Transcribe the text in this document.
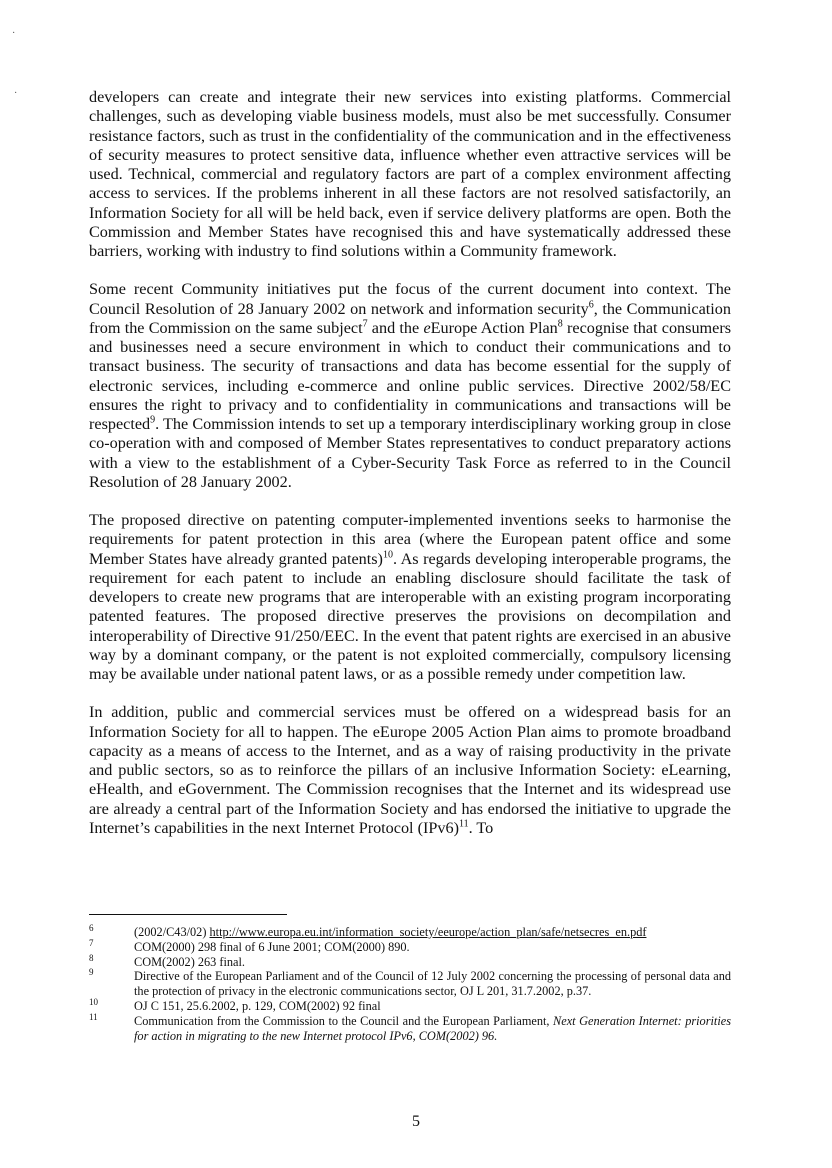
·
·	developers can create and integrate their new services into existing platforms. Commercial challenges, such as developing viable business models, must also be met successfully. Consumer resistance factors, such as trust in the confidentiality of the communication and in the effectiveness of security measures to protect sensitive data, influence whether even attractive services will be used. Technical, commercial and regulatory factors are part of a complex environment affecting access to services. If the problems inherent in all these factors are not resolved satisfactorily, an Information Society for all will be held back, even if service delivery platforms are open. Both the Commission and Member States have recognised this and have systematically addressed these barriers, working with industry to find solutions within a Community framework.

Some recent Community initiatives put the focus of the current document into context. The Council Resolution of 28 January 2002 on network and information security$^6$, the Communication from the Commission on the same subject$^7$ and the eEurope Action Plan$^8$ recognise that consumers and businesses need a secure environment in which to conduct their communications and to transact business. The security of transactions and data has become essential for the supply of electronic services, including e-commerce and online public services. Directive 2002/58/EC ensures the right to privacy and to confidentiality in communications and transactions will be respected$^9$. The Commission intends to set up a temporary interdisciplinary working group in close co-operation with and composed of Member States representatives to conduct preparatory actions with a view to the establishment of a Cyber-Security Task Force as referred to in the Council Resolution of 28 January 2002.

The proposed directive on patenting computer-implemented inventions seeks to harmonise the requirements for patent protection in this area (where the European patent office and some Member States have already granted patents)$^{10}$. As regards developing interoperable programs, the requirement for each patent to include an enabling disclosure should facilitate the task of developers to create new programs that are interoperable with an existing program incorporating patented features. The proposed directive preserves the provisions on decompilation and interoperability of Directive 91/250/EEC. In the event that patent rights are exercised in an abusive way by a dominant company, or the patent is not exploited commercially, compulsory licensing may be available under national patent laws, or as a possible remedy under competition law.

In addition, public and commercial services must be offered on a widespread basis for an Information Society for all to happen. The eEurope 2005 Action Plan aims to promote broadband capacity as a means of access to the Internet, and as a way of raising productivity in the private and public sectors, so as to reinforce the pillars of an inclusive Information Society: eLearning, eHealth, and eGovernment. The Commission recognises that the Internet and its widespread use are already a central part of the Information Society and has endorsed the initiative to upgrade the Internet’s capabilities in the next Internet Protocol $(IPv6)^{11}$. To

6	(2002/C43/02) http://www.europa.eu.int/information_society/eeurope/action_plan/safe/netsecres_en.pdf

7	COM(2000) 298 final of 6 June 2001; COM(2000) 890.

8	COM(2002) 263 final.

9	Directive of the European Parliament and of the Council of 12 July 2002 concerning the processing of personal data and the protection of privacy in the electronic communications sector, OJ L 201, 31.7.2002, p.37.

10	OJ C 151, 25.6.2002, p. 129, COM(2002) 92 final

11	Communication from the Commission to the Council and the European Parliament, Next Generation Internet: priorities for action in migrating to the new Internet protocol IPv6, COM(2002) 96.

5
